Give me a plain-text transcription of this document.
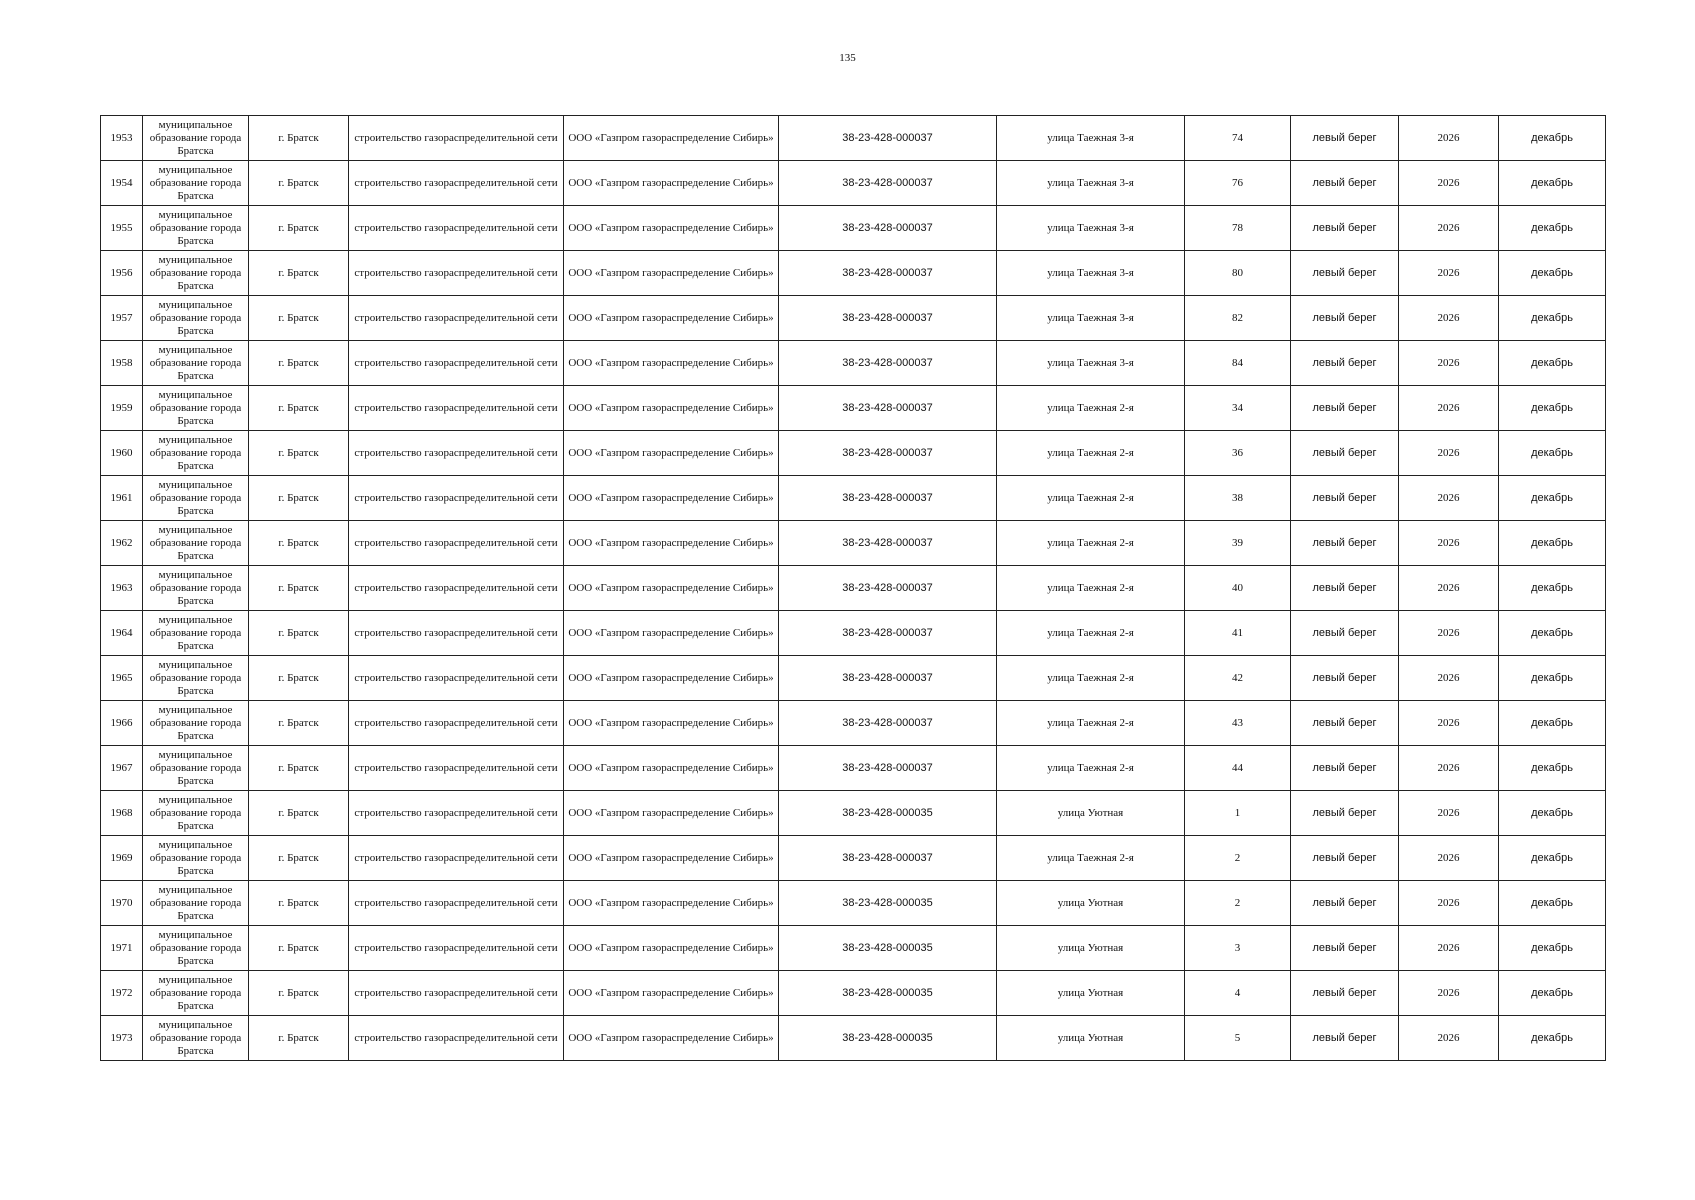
135
1953	муниципальное
образование города
Братска	г. Братск	строительство газораспределительной сети	ООО «Газпром газораспределение Сибирь»	38-23-428-000037	улица Таежная 3-я	74	левый берег	2026	декабрь
1954	муниципальное
образование города
Братска	г. Братск	строительство газораспределительной сети	ООО «Газпром газораспределение Сибирь»	38-23-428-000037	улица Таежная 3-я	76	левый берег	2026	декабрь
1955	муниципальное
образование города
Братска	г. Братск	строительство газораспределительной сети	ООО «Газпром газораспределение Сибирь»	38-23-428-000037	улица Таежная 3-я	78	левый берег	2026	декабрь
1956	муниципальное
образование города
Братска	г. Братск	строительство газораспределительной сети	ООО «Газпром газораспределение Сибирь»	38-23-428-000037	улица Таежная 3-я	80	левый берег	2026	декабрь
1957	муниципальное
образование города
Братска	г. Братск	строительство газораспределительной сети	ООО «Газпром газораспределение Сибирь»	38-23-428-000037	улица Таежная 3-я	82	левый берег	2026	декабрь
1958	муниципальное
образование города
Братска	г. Братск	строительство газораспределительной сети	ООО «Газпром газораспределение Сибирь»	38-23-428-000037	улица Таежная 3-я	84	левый берег	2026	декабрь
1959	муниципальное
образование города
Братска	г. Братск	строительство газораспределительной сети	ООО «Газпром газораспределение Сибирь»	38-23-428-000037	улица Таежная 2-я	34	левый берег	2026	декабрь
1960	муниципальное
образование города
Братска	г. Братск	строительство газораспределительной сети	ООО «Газпром газораспределение Сибирь»	38-23-428-000037	улица Таежная 2-я	36	левый берег	2026	декабрь
1961	муниципальное
образование города
Братска	г. Братск	строительство газораспределительной сети	ООО «Газпром газораспределение Сибирь»	38-23-428-000037	улица Таежная 2-я	38	левый берег	2026	декабрь
1962	муниципальное
образование города
Братска	г. Братск	строительство газораспределительной сети	ООО «Газпром газораспределение Сибирь»	38-23-428-000037	улица Таежная 2-я	39	левый берег	2026	декабрь
1963	муниципальное
образование города
Братска	г. Братск	строительство газораспределительной сети	ООО «Газпром газораспределение Сибирь»	38-23-428-000037	улица Таежная 2-я	40	левый берег	2026	декабрь
1964	муниципальное
образование города
Братска	г. Братск	строительство газораспределительной сети	ООО «Газпром газораспределение Сибирь»	38-23-428-000037	улица Таежная 2-я	41	левый берег	2026	декабрь
1965	муниципальное
образование города
Братска	г. Братск	строительство газораспределительной сети	ООО «Газпром газораспределение Сибирь»	38-23-428-000037	улица Таежная 2-я	42	левый берег	2026	декабрь
1966	муниципальное
образование города
Братска	г. Братск	строительство газораспределительной сети	ООО «Газпром газораспределение Сибирь»	38-23-428-000037	улица Таежная 2-я	43	левый берег	2026	декабрь
1967	муниципальное
образование города
Братска	г. Братск	строительство газораспределительной сети	ООО «Газпром газораспределение Сибирь»	38-23-428-000037	улица Таежная 2-я	44	левый берег	2026	декабрь
1968	муниципальное
образование города
Братска	г. Братск	строительство газораспределительной сети	ООО «Газпром газораспределение Сибирь»	38-23-428-000035	улица Уютная	1	левый берег	2026	декабрь
1969	муниципальное
образование города
Братска	г. Братск	строительство газораспределительной сети	ООО «Газпром газораспределение Сибирь»	38-23-428-000037	улица Таежная 2-я	2	левый берег	2026	декабрь
1970	муниципальное
образование города
Братска	г. Братск	строительство газораспределительной сети	ООО «Газпром газораспределение Сибирь»	38-23-428-000035	улица Уютная	2	левый берег	2026	декабрь
1971	муниципальное
образование города
Братска	г. Братск	строительство газораспределительной сети	ООО «Газпром газораспределение Сибирь»	38-23-428-000035	улица Уютная	3	левый берег	2026	декабрь
1972	муниципальное
образование города
Братска	г. Братск	строительство газораспределительной сети	ООО «Газпром газораспределение Сибирь»	38-23-428-000035	улица Уютная	4	левый берег	2026	декабрь
1973	муниципальное
образование города
Братска	г. Братск	строительство газораспределительной сети	ООО «Газпром газораспределение Сибирь»	38-23-428-000035	улица Уютная	5	левый берег	2026	декабрь
